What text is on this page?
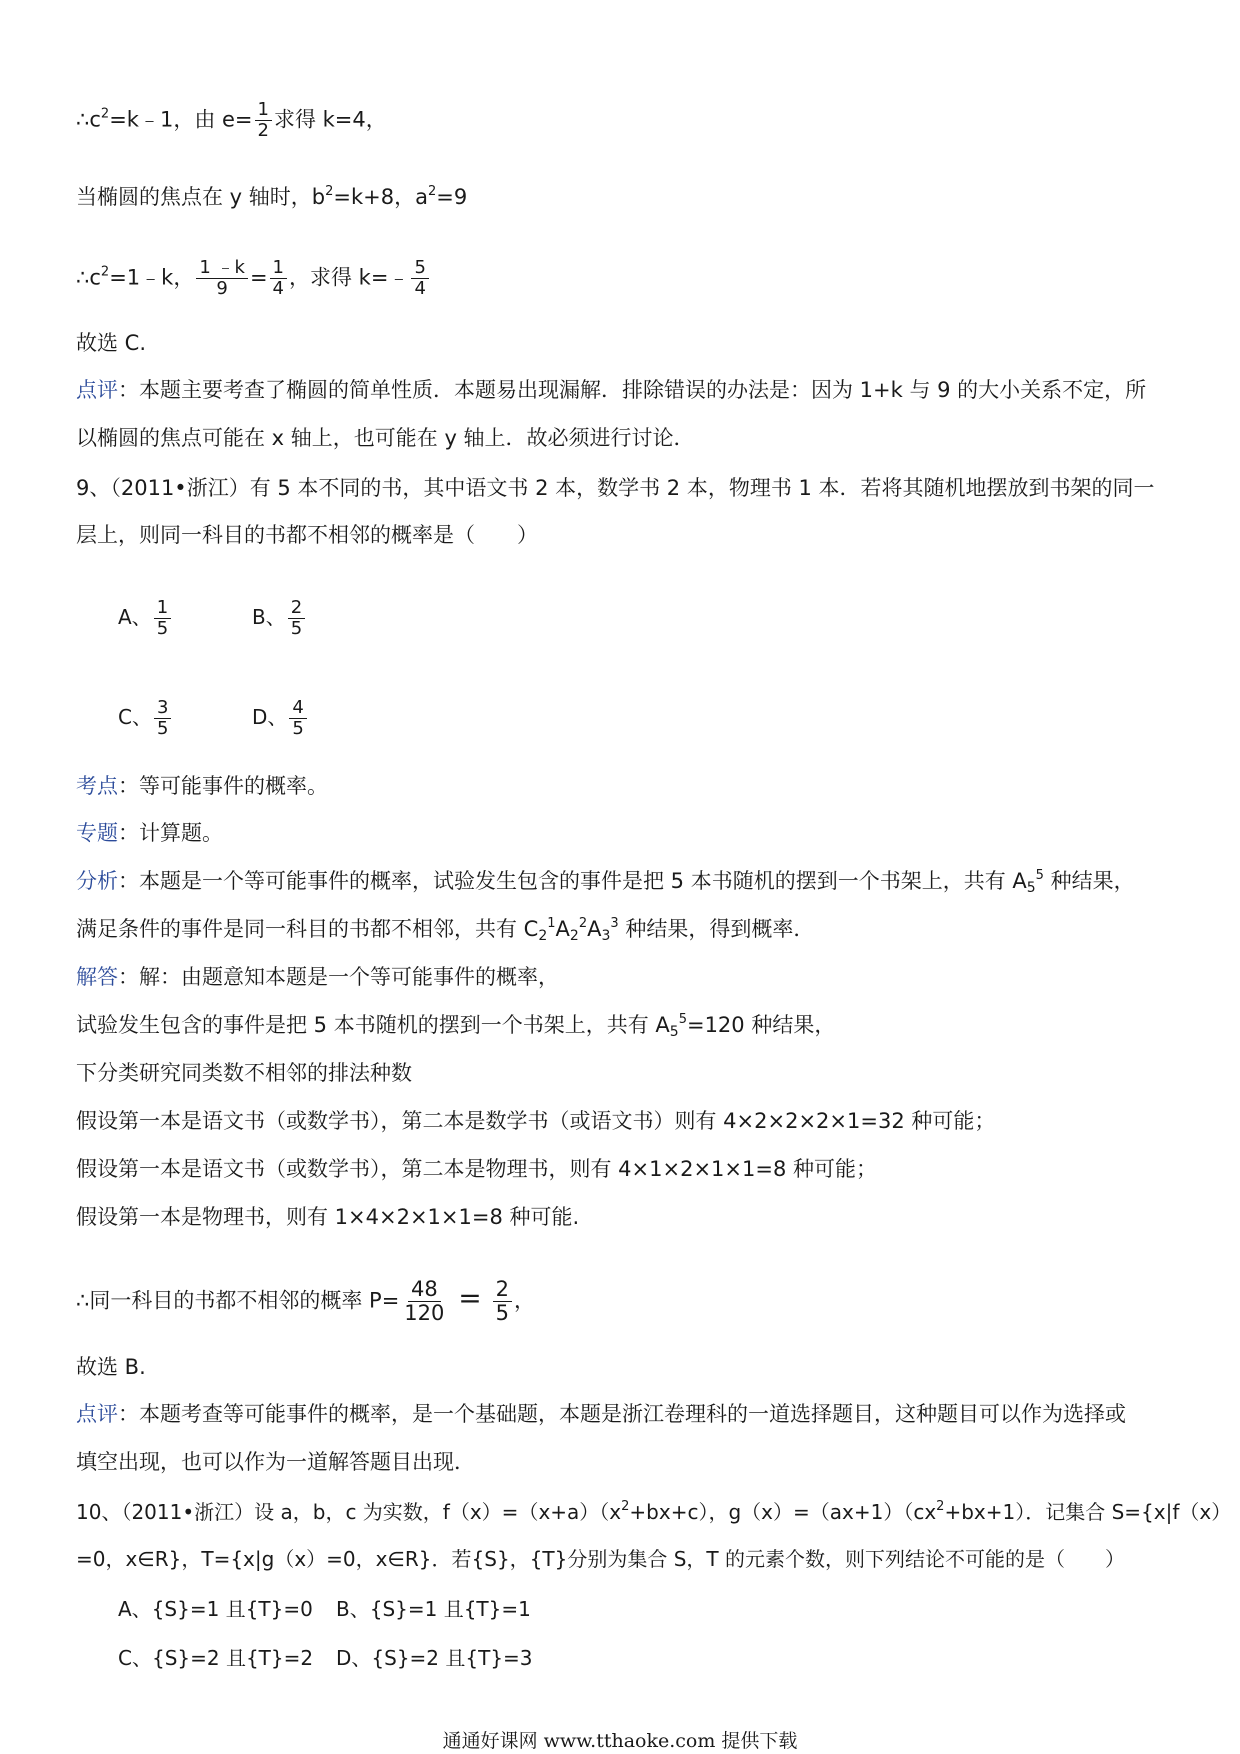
$\therefore c^2=k﹣1$，由 $e= \frac{1}{2}$ 求得 k=4，
当椭圆的焦点在 y 轴时，$b^2=k+8$，$a^2=9$
$\therefore c^2=1﹣k$， $\frac{1 ﹣k}{9} = \frac{1}{4}$ ，求得 k=﹣ $\frac{5}{4}$
故选 C.
点评：本题主要考查了椭圆的简单性质．本题易出现漏解．排除错误的办法是：因为 1+k 与 9 的大小关系不定，所
以椭圆的焦点可能在 x 轴上，也可能在 y 轴上．故必须进行讨论．
9、（2011•浙江）有 5 本不同的书，其中语文书 2 本，数学书 2 本，物理书 1 本．若将其随机地摆放到书架的同一
层上，则同一科目的书都不相邻的概率是（　　）
A、 $\frac{1}{5}$	B、 $\frac{2}{5}$
C、 $\frac{3}{5}$	D、 $\frac{4}{5}$
考点：等可能事件的概率。
专题：计算题。
分析：本题是一个等可能事件的概率，试验发生包含的事件是把 5 本书随机的摆到一个书架上，共有 $A_5^5$ 种结果，
满足条件的事件是同一科目的书都不相邻，共有 $C_2^1A_2^2A_3^3$ 种结果，得到概率．
解答：解：由题意知本题是一个等可能事件的概率，
试验发生包含的事件是把 5 本书随机的摆到一个书架上，共有 $A_5^5=120$ 种结果，
下分类研究同类数不相邻的排法种数
假设第一本是语文书（或数学书），第二本是数学书（或语文书）则有 4×2×2×2×1=32 种可能；
假设第一本是语文书（或数学书），第二本是物理书，则有 4×1×2×1×1=8 种可能；
假设第一本是物理书，则有 1×4×2×1×1=8 种可能.
∴同一科目的书都不相邻的概率 $P= \frac{48}{120} = \frac{2}{5}$ ，
故选 B.
点评：本题考查等可能事件的概率，是一个基础题，本题是浙江卷理科的一道选择题目，这种题目可以作为选择或
填空出现，也可以作为一道解答题目出现．
10、（2011•浙江）设 a，b，c 为实数，$f(x)=(x+a)(x^2+bx+c)$，$g(x)=(ax+1)(cx^2+bx+1)$．记集合 S={x|f（x）
=0，x∈R}，T={x|g（x）=0，x∈R}．若{S}，{T}分别为集合 S，T 的元素个数，则下列结论不可能的是（　　）
A、{S}=1 且{T}=0 B、{S}=1 且{T}=1
C、{S}=2 且{T}=2 D、{S}=2 且{T}=3
通通好课网 www.tthaoke.com 提供下载
